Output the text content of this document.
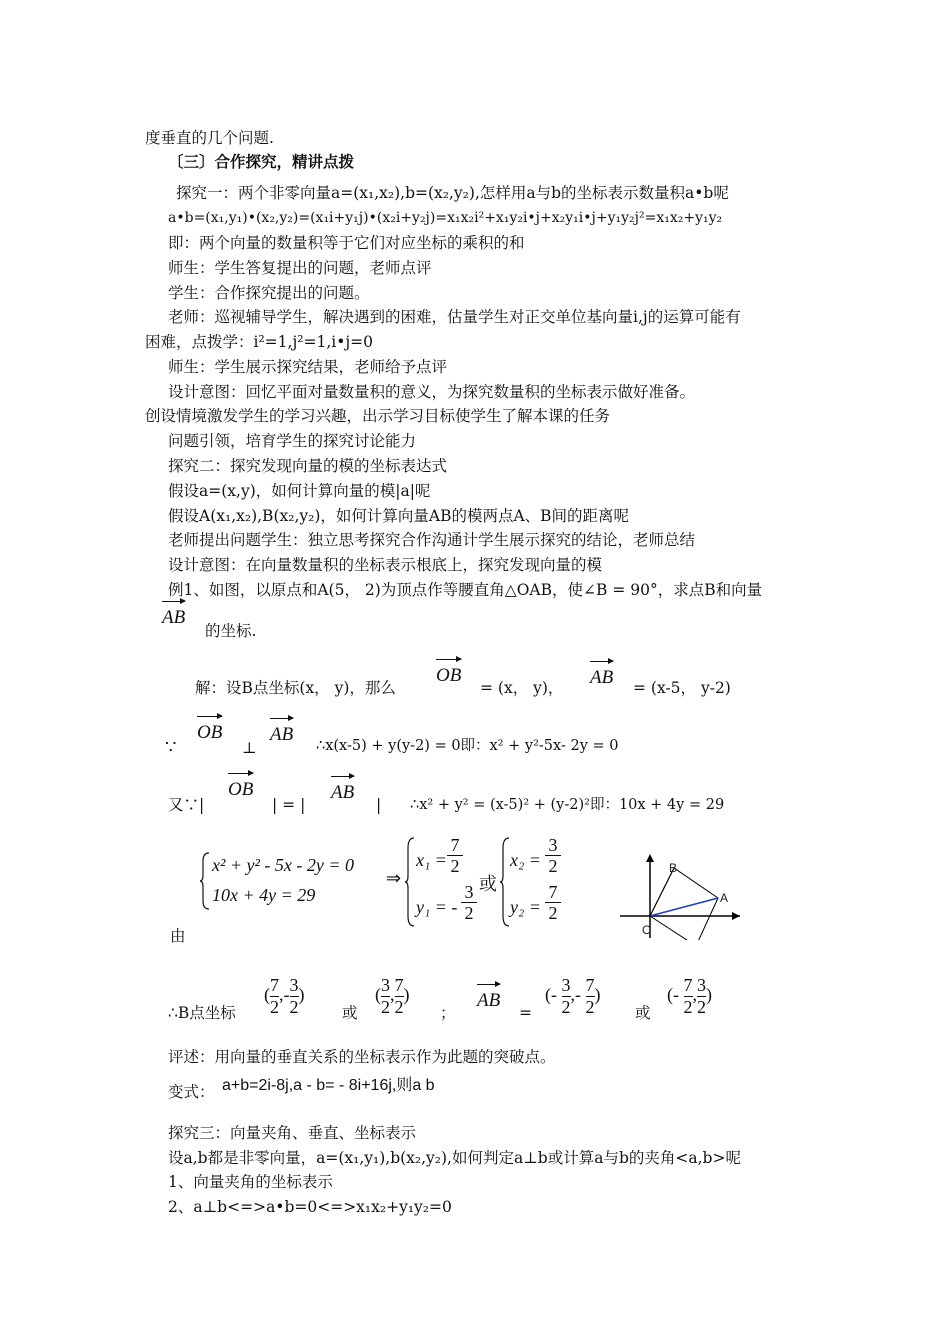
度垂直的几个问题.
〔三〕合作探究，精讲点拨
探究一：两个非零向量a=(x₁,x₂),b=(x₂,y₂),怎样用a与b的坐标表示数量积a•b呢
a•b=(x₁,y₁)•(x₂,y₂)=(x₁i+y₁j)•(x₂i+y₂j)=x₁x₂i²+x₁y₂i•j+x₂y₁i•j+y₁y₂j²=x₁x₂+y₁y₂
即：两个向量的数量积等于它们对应坐标的乘积的和
师生：学生答复提出的问题，老师点评
学生：合作探究提出的问题。
老师：巡视辅导学生，解决遇到的困难，估量学生对正交单位基向量i,j的运算可能有
困难，点拨学：i²=1,j²=1,i•j=0
师生：学生展示探究结果，老师给予点评
设计意图：回忆平面对量数量积的意义，为探究数量积的坐标表示做好准备。
创设情境激发学生的学习兴趣，出示学习目标使学生了解本课的任务
问题引领，培育学生的探究讨论能力
探究二：探究发现向量的模的坐标表达式
假设a=(x,y)，如何计算向量的模|a|呢
假设A(x₁,x₂),B(x₂,y₂)，如何计算向量AB的模两点A、B间的距离呢
老师提出问题学生：独立思考探究合作沟通计学生展示探究的结论，老师总结
设计意图：在向量数量积的坐标表示根底上，探究发现向量的模
例1、如图，以原点和A(5， 2)为顶点作等腰直角△OAB，使∠B = 90°，求点B和向量
AB
的坐标.
解：设B点坐标(x， y)，那么
OB
= (x， y)， AB = (x-5， y-2)
∵
OB
⊥
AB
∴x(x-5) + y(y-2) = 0即：x² + y²-5x- 2y = 0
又∵|
OB
| = |
AB
| ∴x² + y² = (x-5)² + (y-2)²即：10x + 4y = 29
x² + y² - 5x - 2y = 0
10x + 4y = 29
⇒
$x_1 = \frac{7}{2}$
y₁ = - $\frac{3}{2}$ 或
$x_2 = \frac{3}{2}$
$y_2 = \frac{7}{2}$
由
B
A
O
∴B点坐标
( $\frac{7}{2}$ ,- $\frac{3}{2}$ )
或
( $\frac{3}{2}$ , $\frac{7}{2}$ )
；
AB
=
(- $\frac{3}{2}$ ,- $\frac{7}{2}$ )
或
(- $\frac{7}{2}$ , $\frac{3}{2}$ )
评述：用向量的垂直关系的坐标表示作为此题的突破点。
变式： a+b=2i-8j,a - b= - 8i+16j,则a b
探究三：向量夹角、垂直、坐标表示
设a,b都是非零向量，a=(x₁,y₁),b(x₂,y₂),如何判定a⊥b或计算a与b的夹角<a,b>呢
1、向量夹角的坐标表示
2、a⊥b<=>a•b=0<=>x₁x₂+y₁y₂=0
